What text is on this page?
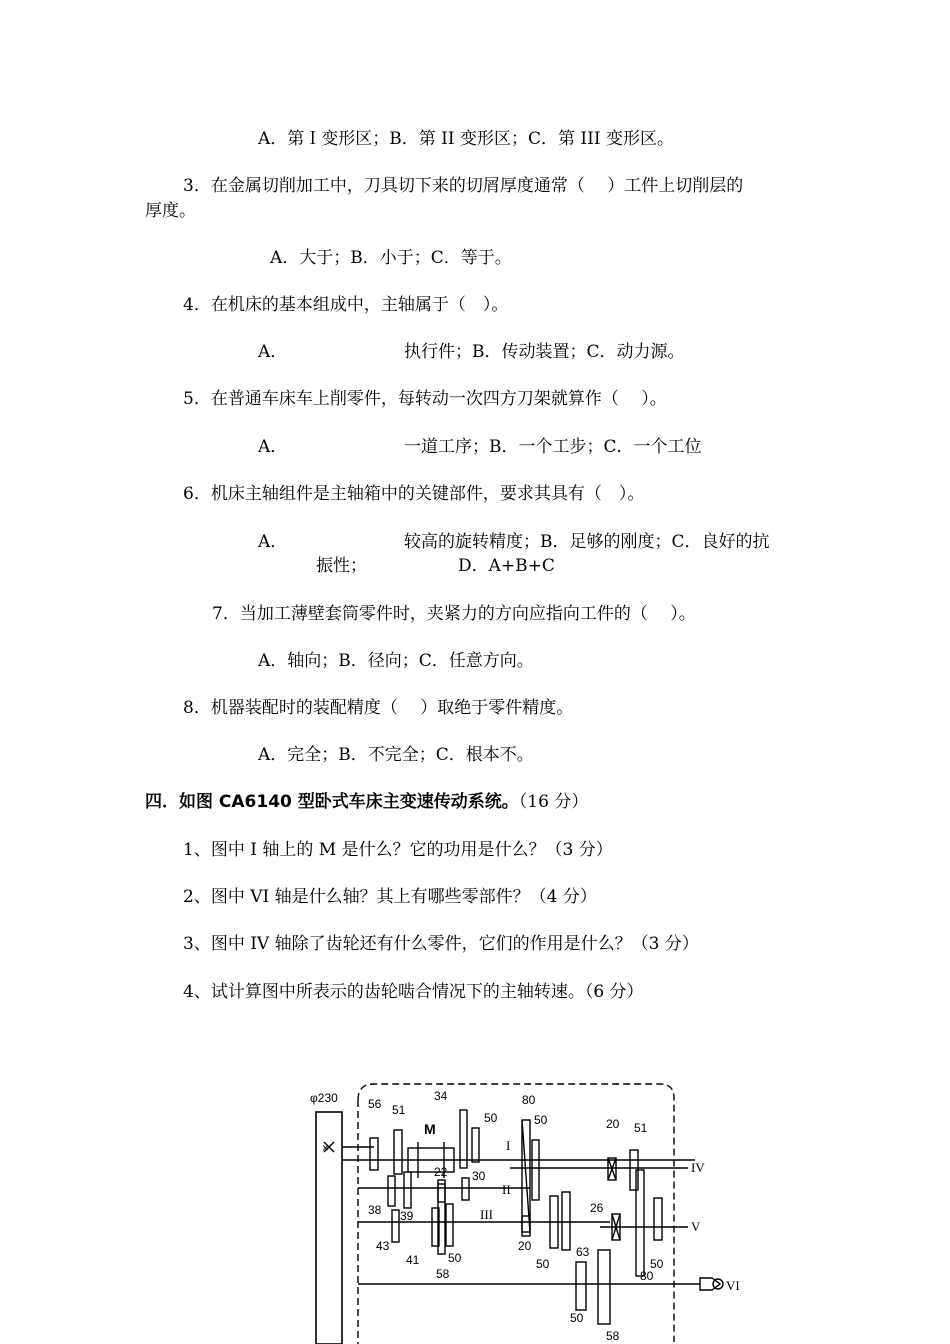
A．第Ｉ变形区；B．第 II 变形区；C．第 III 变形区。
3．在金属切削加工中，刀具切下来的切屑厚度通常（　 ）工件上切削层的
厚度。
A．大于；B．小于；C．等于。
4．在机床的基本组成中，主轴属于（　）。
A．	执行件；B．传动装置；C．动力源。
5．在普通车床车上削零件，每转动一次四方刀架就算作（　 ）。
A．	一道工序；B．一个工步；C．一个工位
6．机床主轴组件是主轴箱中的关键部件，要求其具有（　）。
A．	较高的旋转精度；B．足够的刚度；C．良好的抗
振性；	D．A+B+C
7．当加工薄壁套筒零件时，夹紧力的方向应指向工件的（　 ）。
A．轴向；B．径向；C．任意方向。
8．机器装配时的装配精度（　 ）取绝于零件精度。
A．完全；B．不完全；C．根本不。
四．如图 CA6140 型卧式车床主变速传动系统。（16 分）
1、图中 I 轴上的 M 是什么？它的功用是什么？（3 分）
2、图中 VI 轴是什么轴？其上有哪些零部件？（4 分）
3、图中 IV 轴除了齿轮还有什么零件，它们的作用是什么？（3 分）
4、试计算图中所表示的齿轮啮合情况下的主轴转速。（6 分）
φ230
×
M
I
II
III
IV
V
VI
56 51
34
50
22 30
38 39
43
41 50
58
80
50
20
50
63
20 51
26
50
80
50
58
